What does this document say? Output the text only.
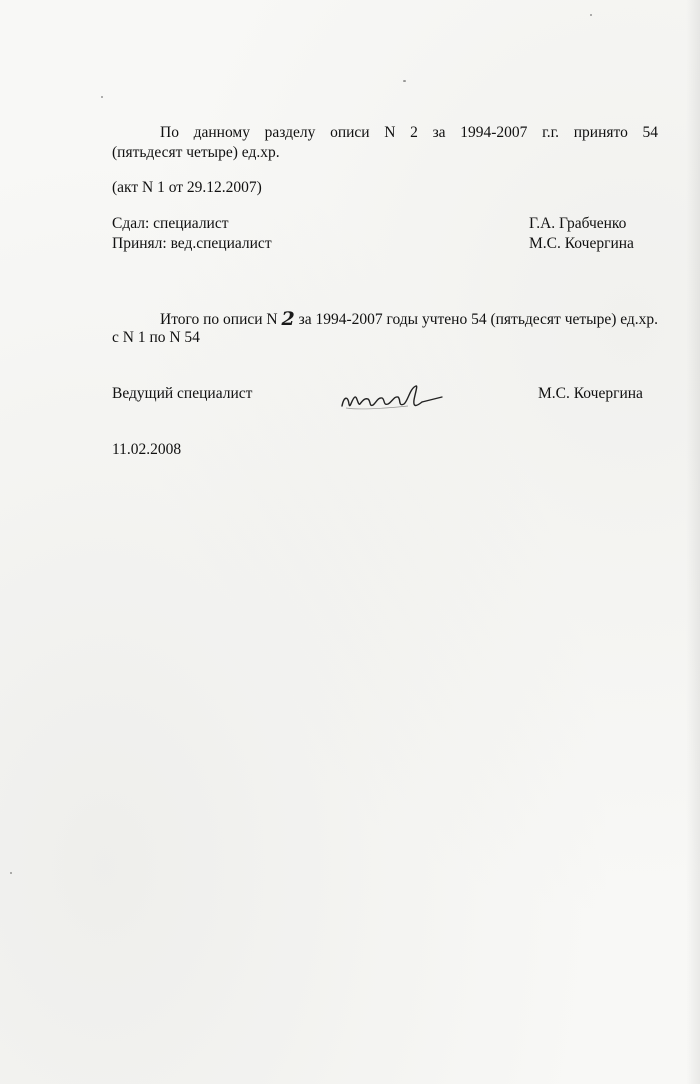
По данному разделу описи N 2 за 1994-2007 г.г. принято 54
(пятьдесят четыре) ед.хр.
(акт N 1 от 29.12.2007)
Сдал: специалист
Принял: вед.специалист
Г.А. Грабченко
М.С. Кочергина
Итого по описи N 2 за 1994-2007 годы учтено 54 (пятьдесят четыре) ед.хр.
с N 1 по N 54
Ведущий специалист	М.С. Кочергина
11.02.2008
